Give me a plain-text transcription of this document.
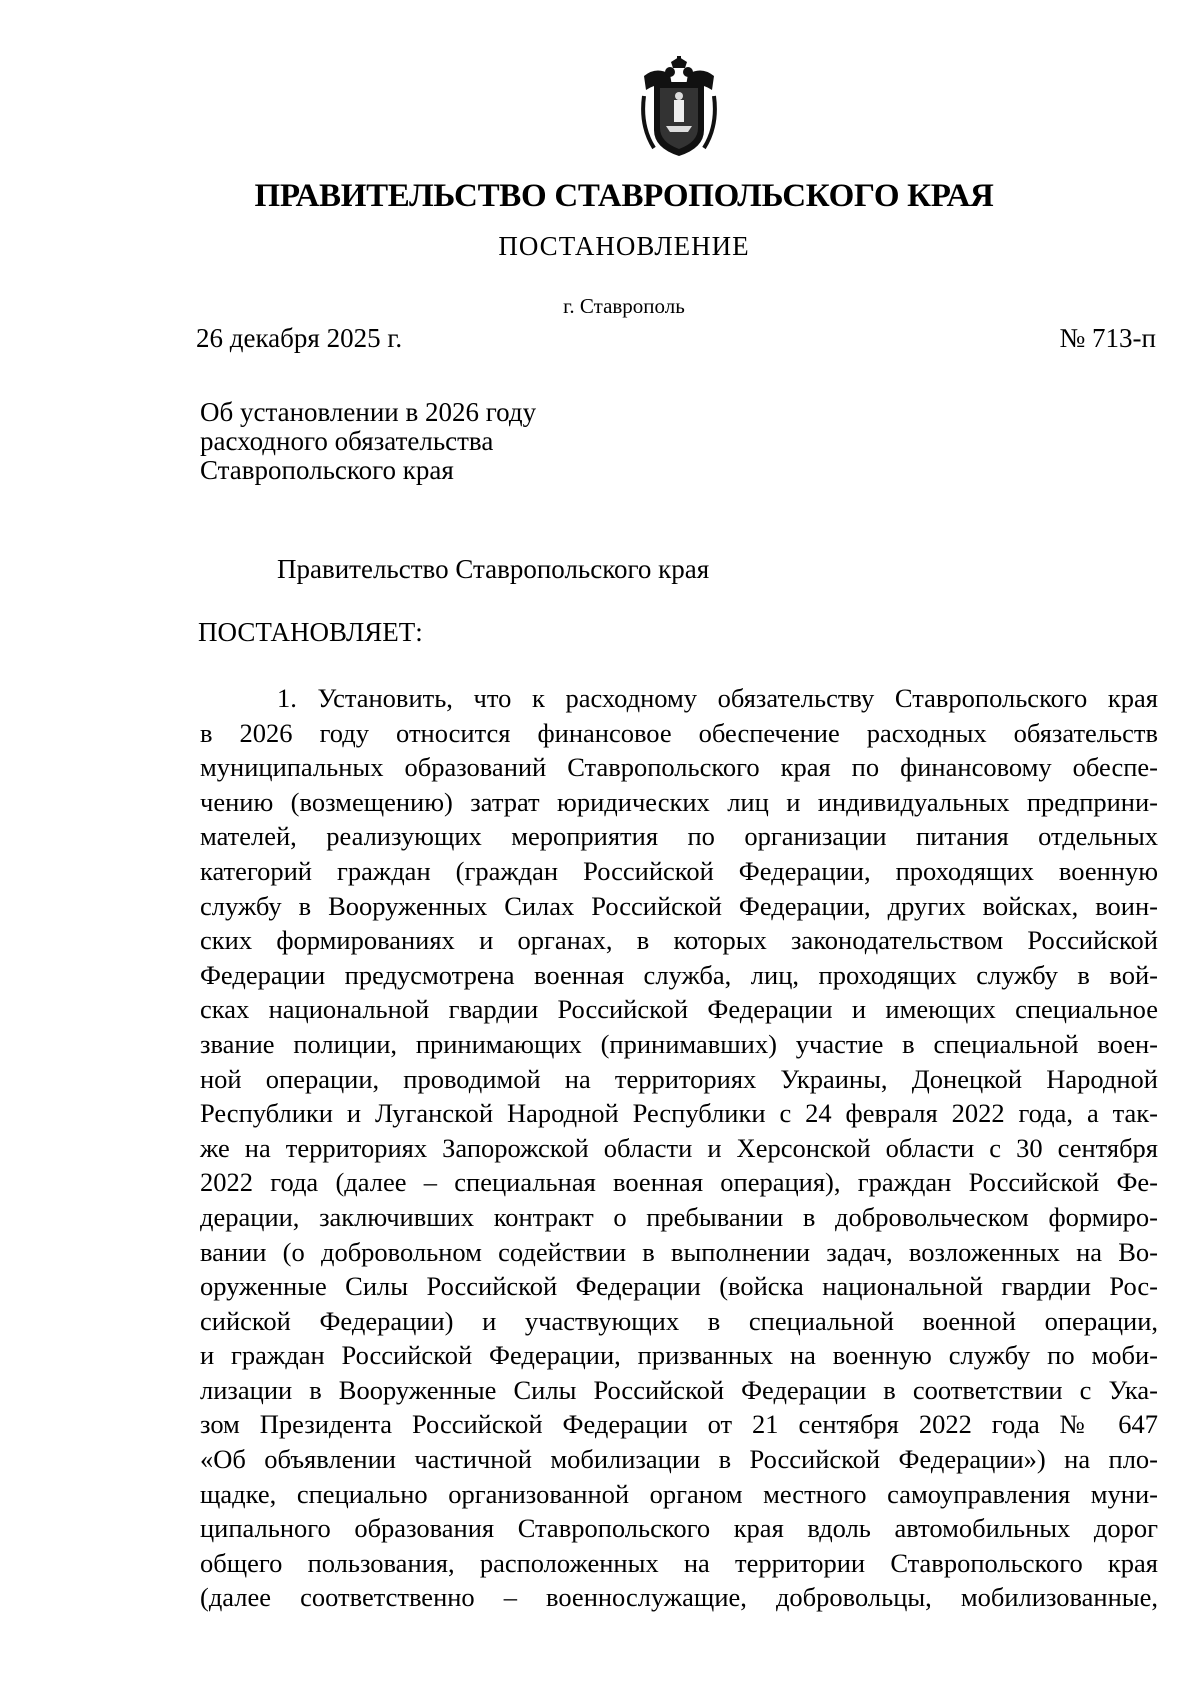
ПРАВИТЕЛЬСТВО СТАВРОПОЛЬСКОГО КРАЯ
ПОСТАНОВЛЕНИЕ
г. Ставрополь
26 декабря 2025 г.	№ 713-п
Об установлении в 2026 году
расходного обязательства
Ставропольского края
Правительство Ставропольского края
ПОСТАНОВЛЯЕТ:
1. Установить, что к расходному обязательству Ставропольского края
в 2026 году относится финансовое обеспечение расходных обязательств
муниципальных образований Ставропольского края по финансовому обеспе-
чению (возмещению) затрат юридических лиц и индивидуальных предприни-
мателей, реализующих мероприятия по организации питания отдельных
категорий граждан (граждан Российской Федерации, проходящих военную
службу в Вооруженных Силах Российской Федерации, других войсках, воин-
ских формированиях и органах, в которых законодательством Российской
Федерации предусмотрена военная служба, лиц, проходящих службу в вой-
сках национальной гвардии Российской Федерации и имеющих специальное
звание полиции, принимающих (принимавших) участие в специальной воен-
ной операции, проводимой на территориях Украины, Донецкой Народной
Республики и Луганской Народной Республики с 24 февраля 2022 года, а так-
же на территориях Запорожской области и Херсонской области с 30 сентября
2022 года (далее – специальная военная операция), граждан Российской Фе-
дерации, заключивших контракт о пребывании в добровольческом формиро-
вании (о добровольном содействии в выполнении задач, возложенных на Во-
оруженные Силы Российской Федерации (войска национальной гвардии Рос-
сийской Федерации) и участвующих в специальной военной операции,
и граждан Российской Федерации, призванных на военную службу по моби-
лизации в Вооруженные Силы Российской Федерации в соответствии с Ука-
зом Президента Российской Федерации от 21 сентября 2022 года № 647
«Об объявлении частичной мобилизации в Российской Федерации») на пло-
щадке, специально организованной органом местного самоуправления муни-
ципального образования Ставропольского края вдоль автомобильных дорог
общего пользования, расположенных на территории Ставропольского края
(далее соответственно – военнослужащие, добровольцы, мобилизованные,
